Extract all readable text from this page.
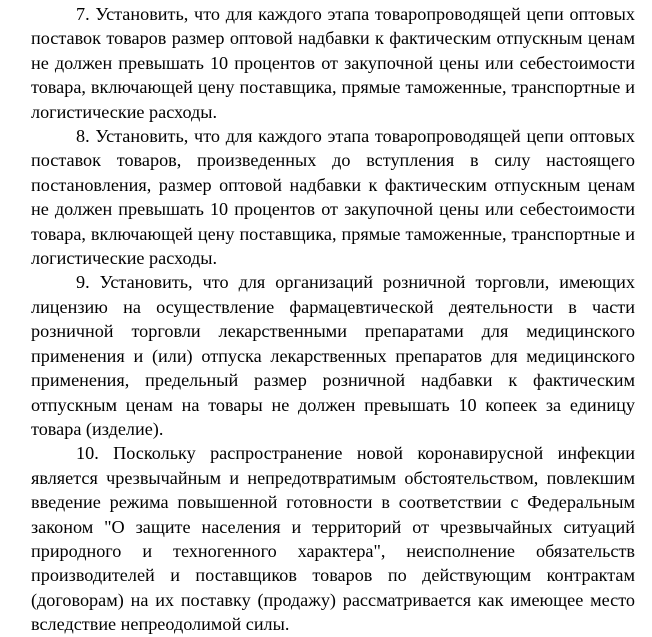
7. Установить, что для каждого этапа товаропроводящей цепи оптовых поставок товаров размер оптовой надбавки к фактическим отпускным ценам не должен превышать 10 процентов от закупочной цены или себестоимости товара, включающей цену поставщика, прямые таможенные, транспортные и логистические расходы.

8. Установить, что для каждого этапа товаропроводящей цепи оптовых поставок товаров, произведенных до вступления в силу настоящего постановления, размер оптовой надбавки к фактическим отпускным ценам не должен превышать 10 процентов от закупочной цены или себестоимости товара, включающей цену поставщика, прямые таможенные, транспортные и логистические расходы.

9. Установить, что для организаций розничной торговли, имеющих лицензию на осуществление фармацевтической деятельности в части розничной торговли лекарственными препаратами для медицинского применения и (или) отпуска лекарственных препаратов для медицинского применения, предельный размер розничной надбавки к фактическим отпускным ценам на товары не должен превышать 10 копеек за единицу товара (изделие).

10. Поскольку распространение новой коронавирусной инфекции является чрезвычайным и непредотвратимым обстоятельством, повлекшим введение режима повышенной готовности в соответствии с Федеральным законом "О защите населения и территорий от чрезвычайных ситуаций природного и техногенного характера", неисполнение обязательств производителей и поставщиков товаров по действующим контрактам (договорам) на их поставку (продажу) рассматривается как имеющее место вследствие непреодолимой силы.
